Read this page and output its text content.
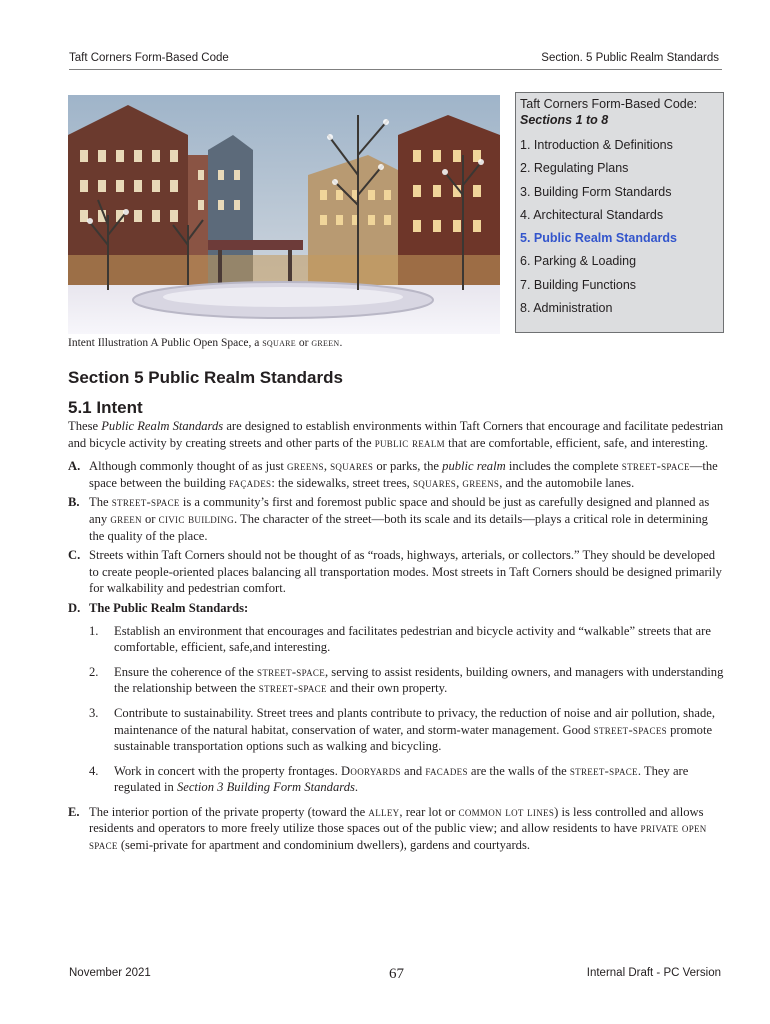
Taft Corners Form-Based Code	Section. 5 Public Realm Standards
Intent Illustration A Public Open Space, a square or green.
Taft Corners Form-Based Code:
Sections 1 to 8
1. Introduction & Definitions
2. Regulating Plans
3. Building Form Standards
4. Architectural Standards
5. Public Realm Standards
6. Parking & Loading
7. Building Functions
8. Administration
Section 5 Public Realm Standards
5.1 Intent

These Public Realm Standards are designed to establish environments within Taft Corners that encourage and facilitate pedestrian and bicycle activity by creating streets and other parts of the public realm that are comfortable, efficient, safe, and interesting.

A. Although commonly thought of as just greens, squares or parks, the public realm includes the complete street-space—the space between the building façades: the sidewalks, street trees, squares, greens, and the automobile lanes.
B. The street-space is a community’s first and foremost public space and should be just as carefully designed and planned as any green or civic building. The character of the street—both its scale and its details—plays a critical role in determining the quality of the place.
C. Streets within Taft Corners should not be thought of as “roads, highways, arterials, or collectors.” They should be developed to create people-oriented places balancing all transportation modes. Most streets in Taft Corners should be designed primarily for walkability and pedestrian comfort.
D. The Public Realm Standards:
1. Establish an environment that encourages and facilitates pedestrian and bicycle activity and “walkable” streets that are comfortable, efficient, safe,and interesting.
2. Ensure the coherence of the street-space, serving to assist residents, building owners, and managers with understanding the relationship between the street-space and their own property.
3. Contribute to sustainability. Street trees and plants contribute to privacy, the reduction of noise and air pollution, shade, maintenance of the natural habitat, conservation of water, and storm-water management. Good street-spaces promote sustainable transportation options such as walking and bicycling.
4. Work in concert with the property frontages. Dooryards and facades are the walls of the street-space. They are regulated in Section 3 Building Form Standards.
E. The interior portion of the private property (toward the alley, rear lot or common lot lines) is less controlled and allows residents and operators to more freely utilize those spaces out of the public view; and allow residents to have private open space (semi-private for apartment and condominium dwellers), gardens and courtyards.
November 2021	67	Internal Draft - PC Version
